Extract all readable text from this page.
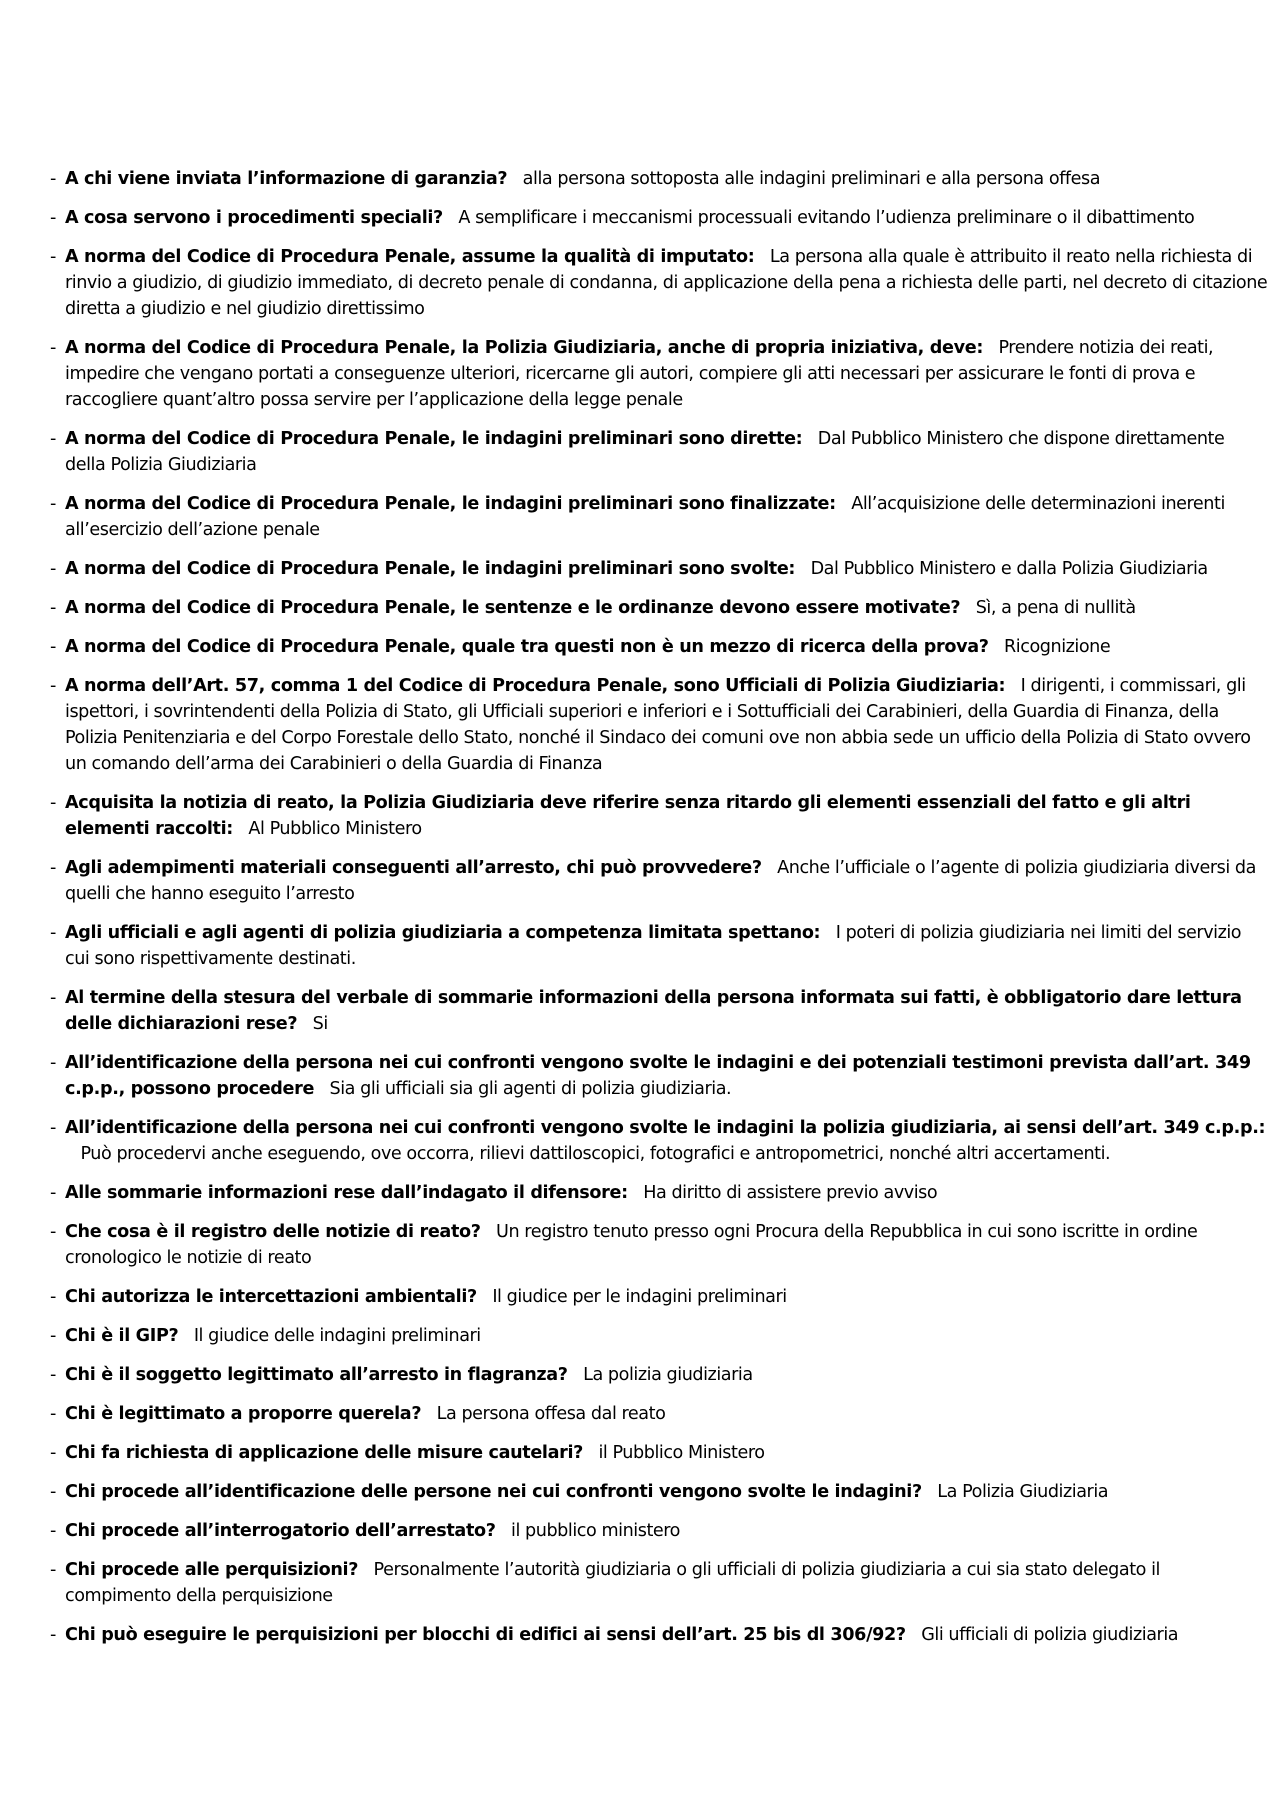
- A chi viene inviata l’informazione di garanzia? alla persona sottoposta alle indagini preliminari e alla persona offesa
- A cosa servono i procedimenti speciali? A semplificare i meccanismi processuali evitando l’udienza preliminare o il dibattimento
- A norma del Codice di Procedura Penale, assume la qualità di imputato: La persona alla quale è attribuito il reato nella richiesta di rinvio a giudizio, di giudizio immediato, di decreto penale di condanna, di applicazione della pena a richiesta delle parti, nel decreto di citazione diretta a giudizio e nel giudizio direttissimo
- A norma del Codice di Procedura Penale, la Polizia Giudiziaria, anche di propria iniziativa, deve: Prendere notizia dei reati, impedire che vengano portati a conseguenze ulteriori, ricercarne gli autori, compiere gli atti necessari per assicurare le fonti di prova e raccogliere quant’altro possa servire per l’applicazione della legge penale
- A norma del Codice di Procedura Penale, le indagini preliminari sono dirette: Dal Pubblico Ministero che dispone direttamente della Polizia Giudiziaria
- A norma del Codice di Procedura Penale, le indagini preliminari sono finalizzate: All’acquisizione delle determinazioni inerenti all’esercizio dell’azione penale
- A norma del Codice di Procedura Penale, le indagini preliminari sono svolte: Dal Pubblico Ministero e dalla Polizia Giudiziaria
- A norma del Codice di Procedura Penale, le sentenze e le ordinanze devono essere motivate? Sì, a pena di nullità
- A norma del Codice di Procedura Penale, quale tra questi non è un mezzo di ricerca della prova? Ricognizione
- A norma dell’Art. 57, comma 1 del Codice di Procedura Penale, sono Ufficiali di Polizia Giudiziaria: I dirigenti, i commissari, gli ispettori, i sovrintendenti della Polizia di Stato, gli Ufficiali superiori e inferiori e i Sottufficiali dei Carabinieri, della Guardia di Finanza, della Polizia Penitenziaria e del Corpo Forestale dello Stato, nonché il Sindaco dei comuni ove non abbia sede un ufficio della Polizia di Stato ovvero un comando dell’arma dei Carabinieri o della Guardia di Finanza
- Acquisita la notizia di reato, la Polizia Giudiziaria deve riferire senza ritardo gli elementi essenziali del fatto e gli altri elementi raccolti: Al Pubblico Ministero
- Agli adempimenti materiali conseguenti all’arresto, chi può provvedere? Anche l’ufficiale o l’agente di polizia giudiziaria diversi da quelli che hanno eseguito l’arresto
- Agli ufficiali e agli agenti di polizia giudiziaria a competenza limitata spettano: I poteri di polizia giudiziaria nei limiti del servizio cui sono rispettivamente destinati.
- Al termine della stesura del verbale di sommarie informazioni della persona informata sui fatti, è obbligatorio dare lettura delle dichiarazioni rese? Si
- All’identificazione della persona nei cui confronti vengono svolte le indagini e dei potenziali testimoni prevista dall’art. 349 c.p.p., possono procedere Sia gli ufficiali sia gli agenti di polizia giudiziaria.
- All’identificazione della persona nei cui confronti vengono svolte le indagini la polizia giudiziaria, ai sensi dell’art. 349 c.p.p.:   Può procedervi anche eseguendo, ove occorra, rilievi dattiloscopici, fotografici e antropometrici, nonché altri accertamenti.
- Alle sommarie informazioni rese dall’indagato il difensore: Ha diritto di assistere previo avviso
- Che cosa è il registro delle notizie di reato? Un registro tenuto presso ogni Procura della Repubblica in cui sono iscritte in ordine cronologico le notizie di reato
- Chi autorizza le intercettazioni ambientali? Il giudice per le indagini preliminari
- Chi è il GIP? Il giudice delle indagini preliminari
- Chi è il soggetto legittimato all’arresto in flagranza? La polizia giudiziaria
- Chi è legittimato a proporre querela? La persona offesa dal reato
- Chi fa richiesta di applicazione delle misure cautelari? il Pubblico Ministero
- Chi procede all’identificazione delle persone nei cui confronti vengono svolte le indagini? La Polizia Giudiziaria
- Chi procede all’interrogatorio dell’arrestato? il pubblico ministero
- Chi procede alle perquisizioni? Personalmente l’autorità giudiziaria o gli ufficiali di polizia giudiziaria a cui sia stato delegato il compimento della perquisizione
- Chi può eseguire le perquisizioni per blocchi di edifici ai sensi dell’art. 25 bis dl 306/92? Gli ufficiali di polizia giudiziaria
